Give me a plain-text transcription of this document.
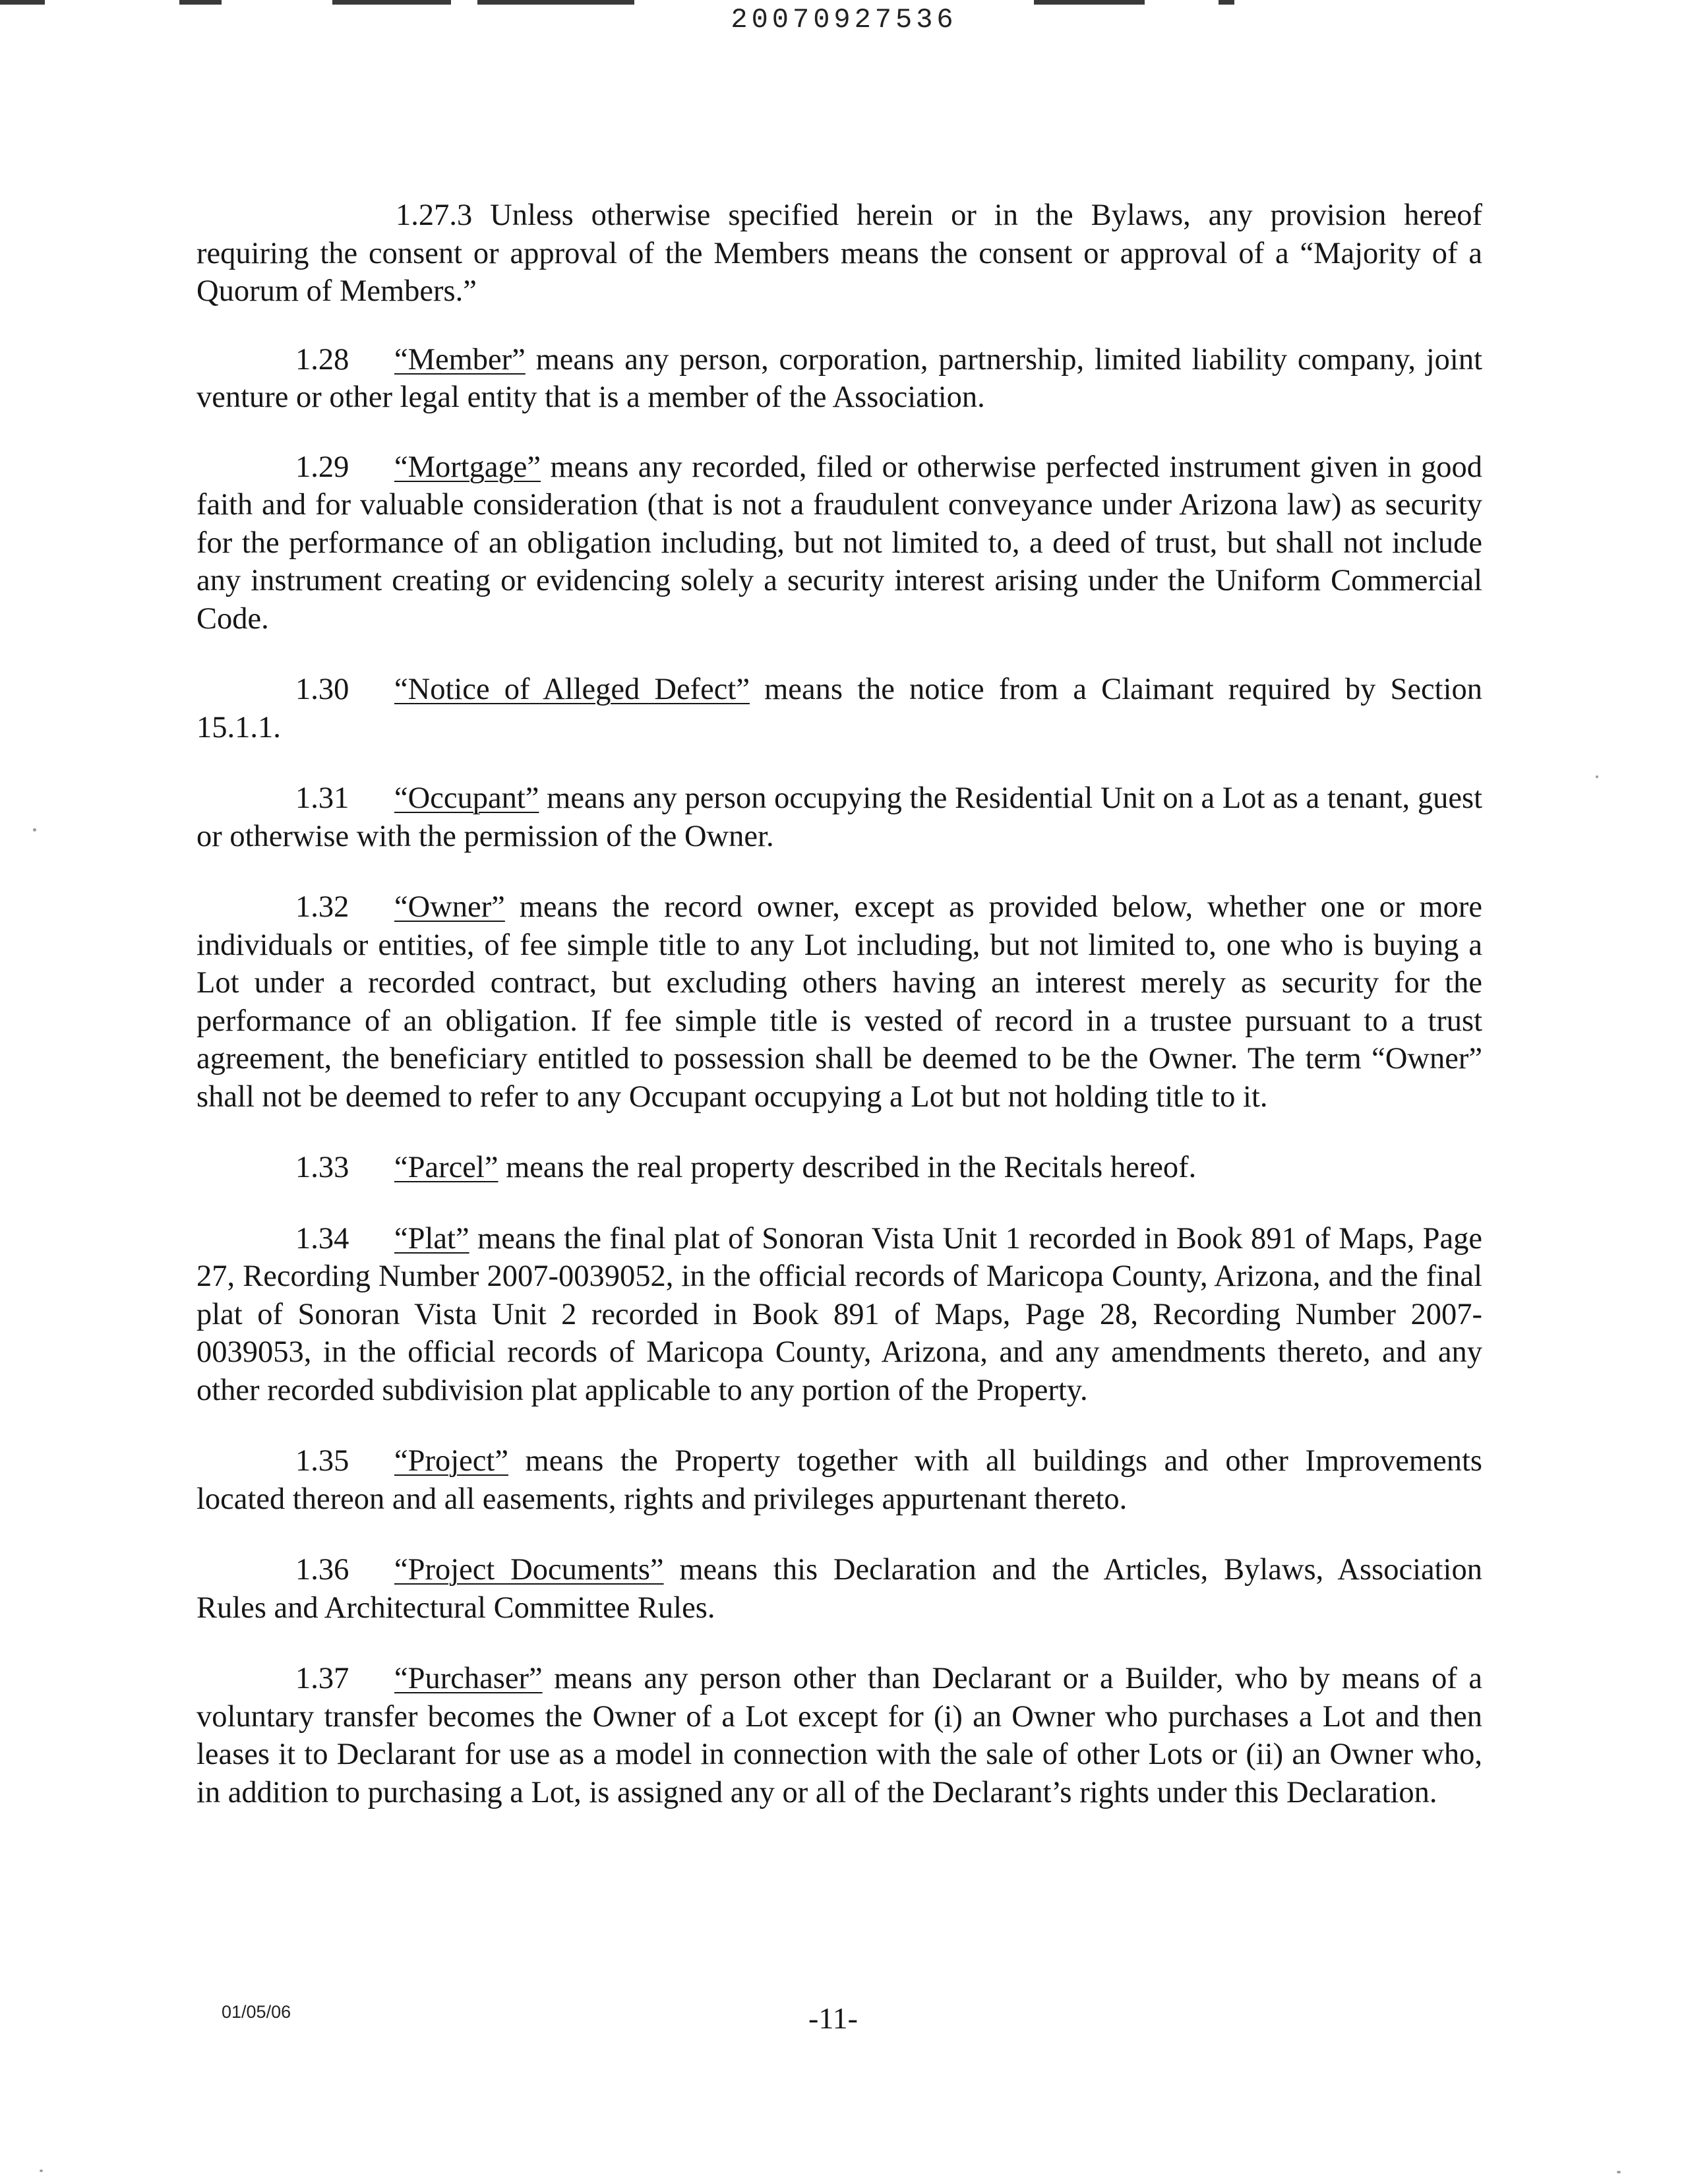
20070927536

1.27.3 Unless otherwise specified herein or in the Bylaws, any provision hereof requiring the consent or approval of the Members means the consent or approval of a “Majority of a Quorum of Members.”

1.28 “Member” means any person, corporation, partnership, limited liability company, joint venture or other legal entity that is a member of the Association.

1.29 “Mortgage” means any recorded, filed or otherwise perfected instrument given in good faith and for valuable consideration (that is not a fraudulent conveyance under Arizona law) as security for the performance of an obligation including, but not limited to, a deed of trust, but shall not include any instrument creating or evidencing solely a security interest arising under the Uniform Commercial Code.

1.30 “Notice of Alleged Defect” means the notice from a Claimant required by Section 15.1.1.

1.31 “Occupant” means any person occupying the Residential Unit on a Lot as a tenant, guest or otherwise with the permission of the Owner.

1.32 “Owner” means the record owner, except as provided below, whether one or more individuals or entities, of fee simple title to any Lot including, but not limited to, one who is buying a Lot under a recorded contract, but excluding others having an interest merely as security for the performance of an obligation. If fee simple title is vested of record in a trustee pursuant to a trust agreement, the beneficiary entitled to possession shall be deemed to be the Owner. The term “Owner” shall not be deemed to refer to any Occupant occupying a Lot but not holding title to it.

1.33 “Parcel” means the real property described in the Recitals hereof.

1.34 “Plat” means the final plat of Sonoran Vista Unit 1 recorded in Book 891 of Maps, Page 27, Recording Number 2007-0039052, in the official records of Maricopa County, Arizona, and the final plat of Sonoran Vista Unit 2 recorded in Book 891 of Maps, Page 28, Recording Number 2007-0039053, in the official records of Maricopa County, Arizona, and any amendments thereto, and any other recorded subdivision plat applicable to any portion of the Property.

1.35 “Project” means the Property together with all buildings and other Improvements located thereon and all easements, rights and privileges appurtenant thereto.

1.36 “Project Documents” means this Declaration and the Articles, Bylaws, Association Rules and Architectural Committee Rules.

1.37 “Purchaser” means any person other than Declarant or a Builder, who by means of a voluntary transfer becomes the Owner of a Lot except for (i) an Owner who purchases a Lot and then leases it to Declarant for use as a model in connection with the sale of other Lots or (ii) an Owner who, in addition to purchasing a Lot, is assigned any or all of the Declarant’s rights under this Declaration.

01/05/06	-11-
